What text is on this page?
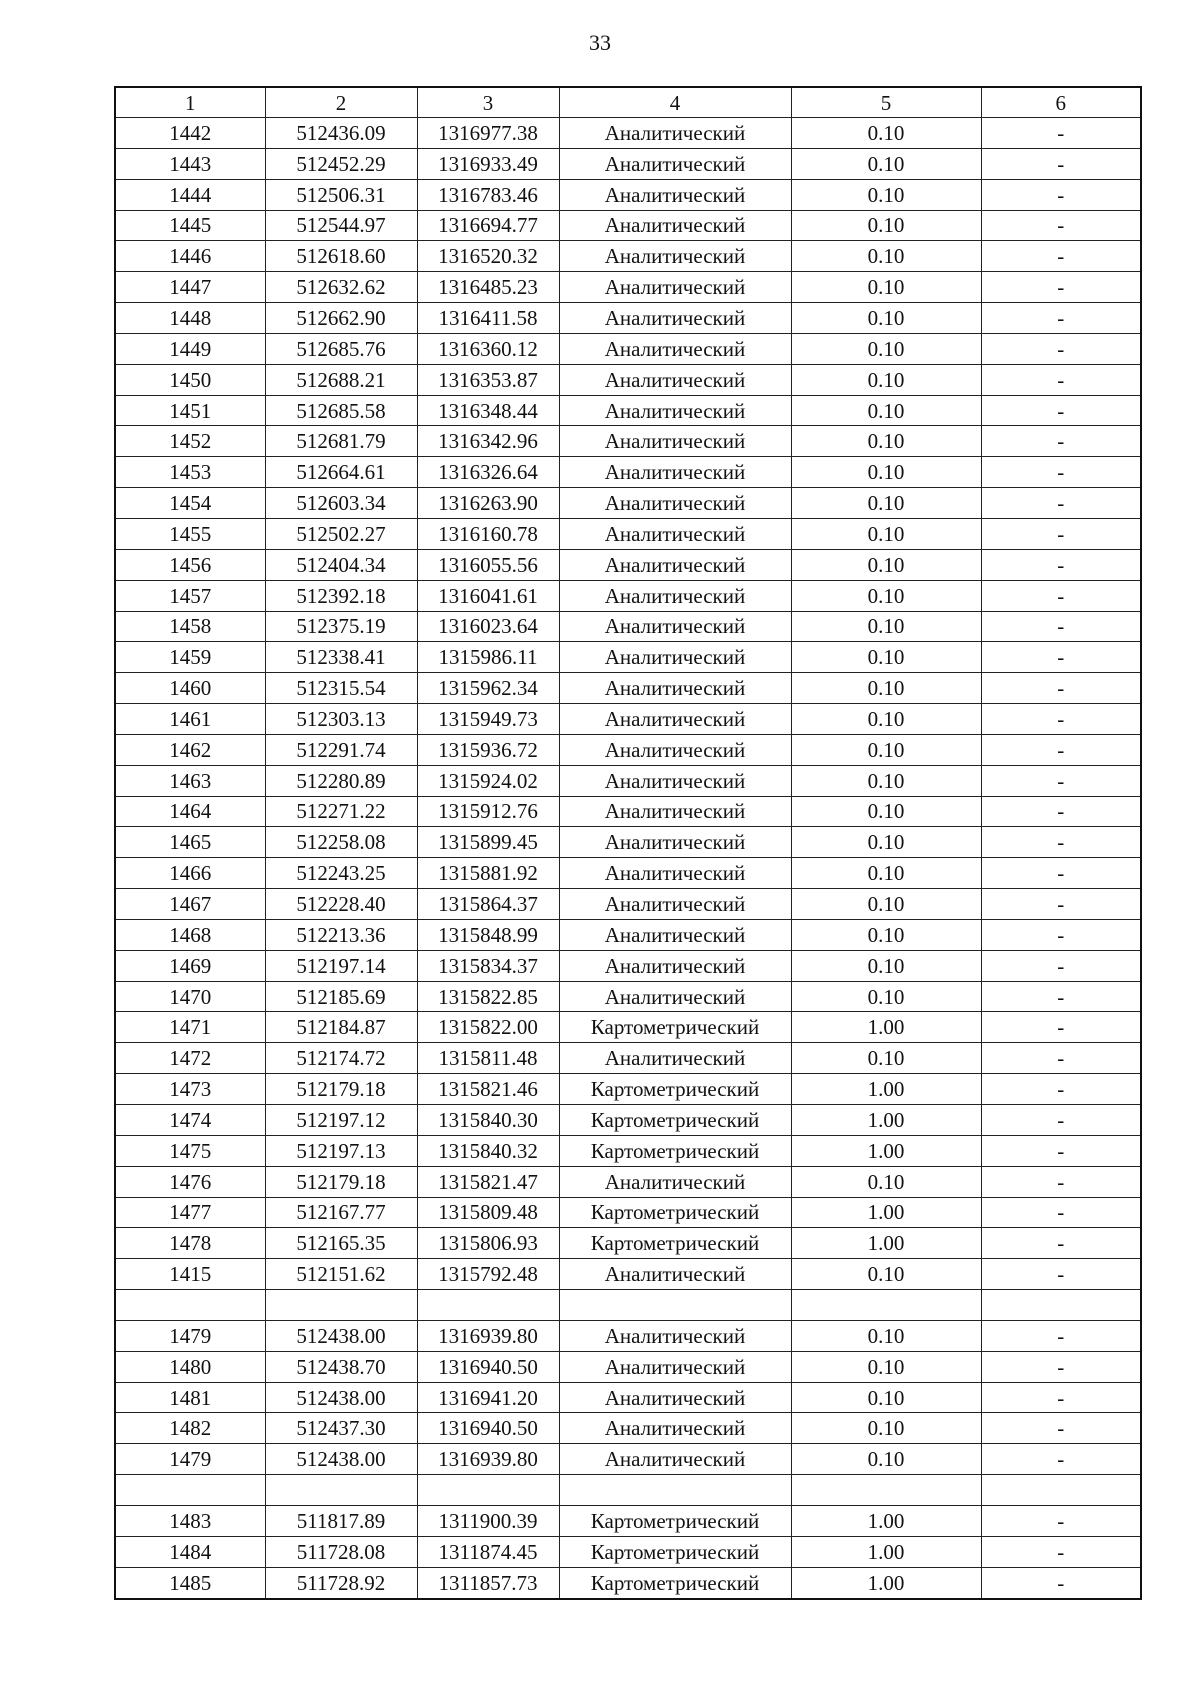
33
1	2	3	4	5	6
1442	512436.09	1316977.38	Аналитический	0.10	-
1443	512452.29	1316933.49	Аналитический	0.10	-
1444	512506.31	1316783.46	Аналитический	0.10	-
1445	512544.97	1316694.77	Аналитический	0.10	-
1446	512618.60	1316520.32	Аналитический	0.10	-
1447	512632.62	1316485.23	Аналитический	0.10	-
1448	512662.90	1316411.58	Аналитический	0.10	-
1449	512685.76	1316360.12	Аналитический	0.10	-
1450	512688.21	1316353.87	Аналитический	0.10	-
1451	512685.58	1316348.44	Аналитический	0.10	-
1452	512681.79	1316342.96	Аналитический	0.10	-
1453	512664.61	1316326.64	Аналитический	0.10	-
1454	512603.34	1316263.90	Аналитический	0.10	-
1455	512502.27	1316160.78	Аналитический	0.10	-
1456	512404.34	1316055.56	Аналитический	0.10	-
1457	512392.18	1316041.61	Аналитический	0.10	-
1458	512375.19	1316023.64	Аналитический	0.10	-
1459	512338.41	1315986.11	Аналитический	0.10	-
1460	512315.54	1315962.34	Аналитический	0.10	-
1461	512303.13	1315949.73	Аналитический	0.10	-
1462	512291.74	1315936.72	Аналитический	0.10	-
1463	512280.89	1315924.02	Аналитический	0.10	-
1464	512271.22	1315912.76	Аналитический	0.10	-
1465	512258.08	1315899.45	Аналитический	0.10	-
1466	512243.25	1315881.92	Аналитический	0.10	-
1467	512228.40	1315864.37	Аналитический	0.10	-
1468	512213.36	1315848.99	Аналитический	0.10	-
1469	512197.14	1315834.37	Аналитический	0.10	-
1470	512185.69	1315822.85	Аналитический	0.10	-
1471	512184.87	1315822.00	Картометрический	1.00	-
1472	512174.72	1315811.48	Аналитический	0.10	-
1473	512179.18	1315821.46	Картометрический	1.00	-
1474	512197.12	1315840.30	Картометрический	1.00	-
1475	512197.13	1315840.32	Картометрический	1.00	-
1476	512179.18	1315821.47	Аналитический	0.10	-
1477	512167.77	1315809.48	Картометрический	1.00	-
1478	512165.35	1315806.93	Картометрический	1.00	-
1415	512151.62	1315792.48	Аналитический	0.10	-

1479	512438.00	1316939.80	Аналитический	0.10	-
1480	512438.70	1316940.50	Аналитический	0.10	-
1481	512438.00	1316941.20	Аналитический	0.10	-
1482	512437.30	1316940.50	Аналитический	0.10	-
1479	512438.00	1316939.80	Аналитический	0.10	-

1483	511817.89	1311900.39	Картометрический	1.00	-
1484	511728.08	1311874.45	Картометрический	1.00	-
1485	511728.92	1311857.73	Картометрический	1.00	-
